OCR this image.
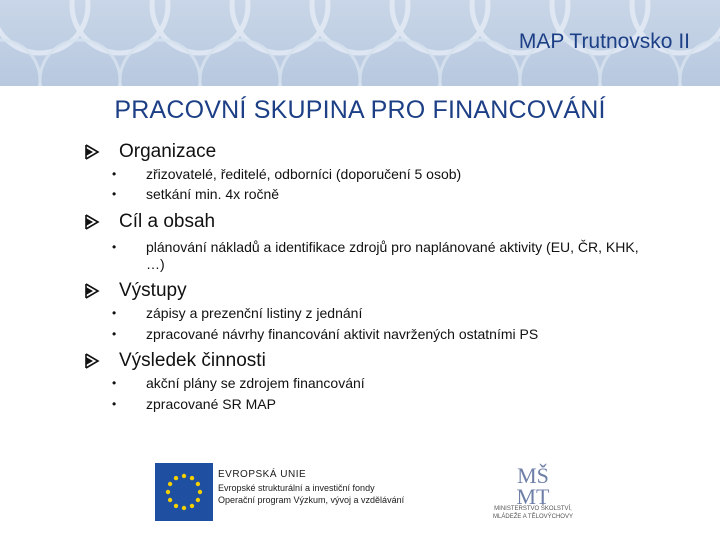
MAP Trutnovsko II
PRACOVNÍ SKUPINA PRO FINANCOVÁNÍ
Organizace
•	zřizovatelé, ředitelé, odborníci (doporučení 5 osob)
•	setkání min. 4x ročně
Cíl a obsah
•	plánování nákladů a identifikace zdrojů pro naplánované aktivity (EU, ČR, KHK, …)
Výstupy
•	zápisy a prezenční listiny z jednání
•	zpracované návrhy financování aktivit navržených ostatními PS
Výsledek činnosti
•	akční plány se zdrojem financování
•	zpracované SR MAP
EVROPSKÁ UNIE
Evropské strukturální a investiční fondy
Operační program Výzkum, vývoj a vzdělávání
MŠ
MT
MINISTERSTVO ŠKOLSTVÍ,
MLÁDEŽE A TĚLOVÝCHOVY
